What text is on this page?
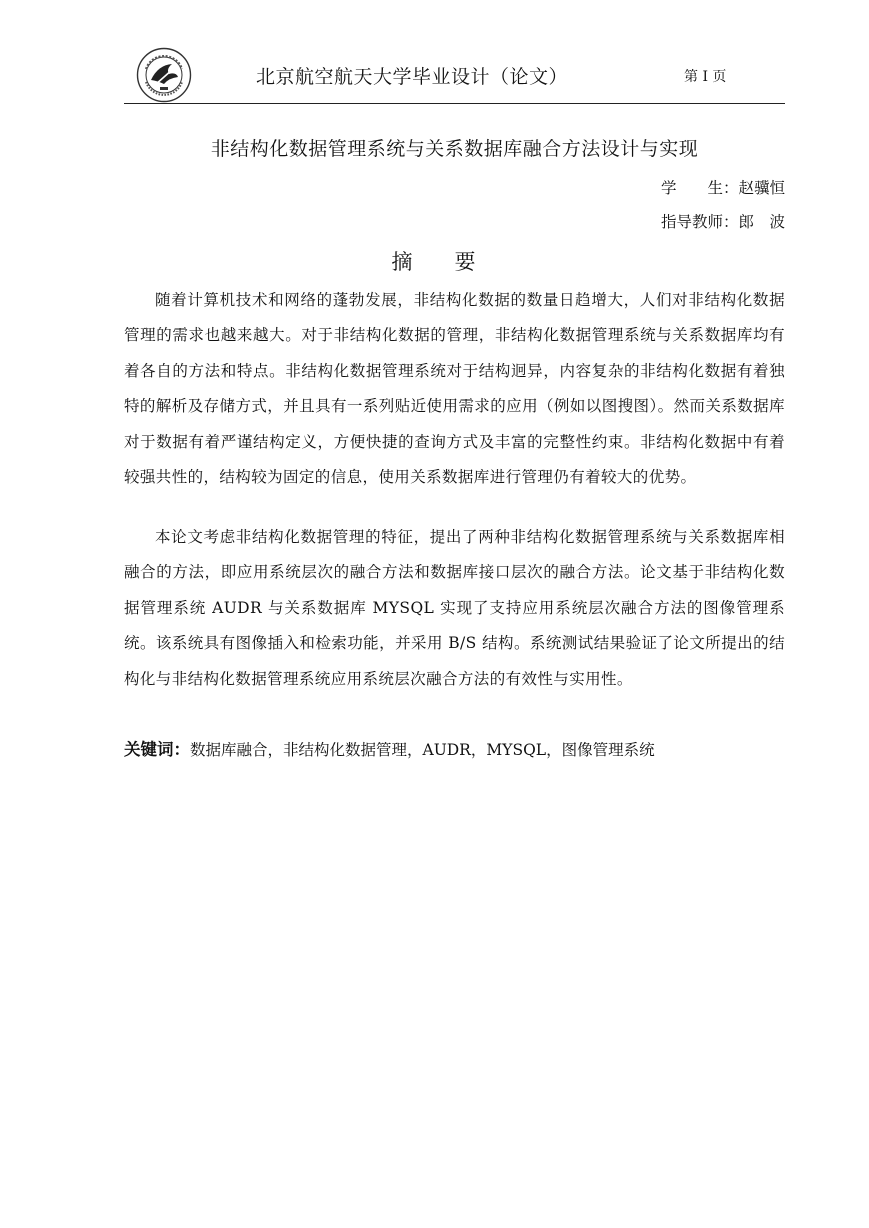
北京航空航天大学毕业设计（论文）	第 I 页
非结构化数据管理系统与关系数据库融合方法设计与实现
学　　生：赵骥恒
指导教师：郎　波
摘要

随着计算机技术和网络的蓬勃发展，非结构化数据的数量日趋增大，人们对非结构化数据管理的需求也越来越大。对于非结构化数据的管理，非结构化数据管理系统与关系数据库均有着各自的方法和特点。非结构化数据管理系统对于结构迥异，内容复杂的非结构化数据有着独特的解析及存储方式，并且具有一系列贴近使用需求的应用（例如以图搜图）。然而关系数据库对于数据有着严谨结构定义，方便快捷的查询方式及丰富的完整性约束。非结构化数据中有着较强共性的，结构较为固定的信息，使用关系数据库进行管理仍有着较大的优势。

本论文考虑非结构化数据管理的特征，提出了两种非结构化数据管理系统与关系数据库相融合的方法，即应用系统层次的融合方法和数据库接口层次的融合方法。论文基于非结构化数据管理系统 AUDR 与关系数据库 MYSQL 实现了支持应用系统层次融合方法的图像管理系统。该系统具有图像插入和检索功能，并采用 B/S 结构。系统测试结果验证了论文所提出的结构化与非结构化数据管理系统应用系统层次融合方法的有效性与实用性。

关键词：数据库融合，非结构化数据管理，AUDR，MYSQL，图像管理系统
